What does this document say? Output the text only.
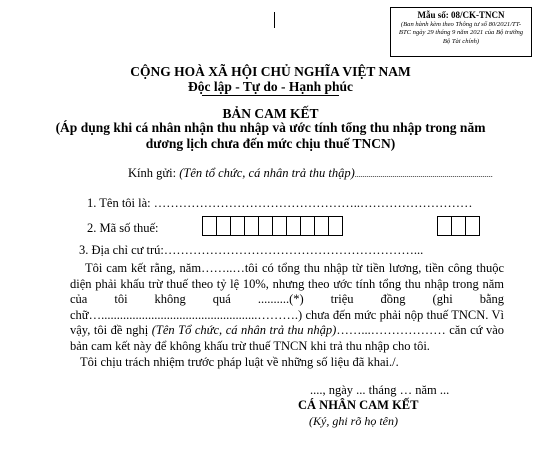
Mẫu số: 08/CK-TNCN
(Ban hành kèm theo Thông tư số 80/2021/TT-BTC ngày 29 tháng 9 năm 2021 của Bộ trưởng Bộ Tài chính)
CỘNG HOÀ XÃ HỘI CHỦ NGHĨA VIỆT NAM
Độc lập - Tự do - Hạnh phúc
BẢN CAM KẾT
(Áp dụng khi cá nhân nhận thu nhập và ước tính tổng thu nhập trong năm
dương lịch chưa đến mức chịu thuế TNCN)
Kính gửi: (Tên tổ chức, cá nhân trả thu thập).....................................................................
1. Tên tôi là: …………………………………………..………………………
2. Mã số thuế:
3. Địa chỉ cư trú:……………………………………………………...
Tôi cam kết rằng, năm……..…tôi có tổng thu nhập từ tiền lương, tiền công thuộc diện phải khấu trừ thuế theo tỷ lệ 10%, nhưng theo ước tính tổng thu nhập trong năm của tôi không quá ..........(*) triệu đồng (ghi bằng chữ…..................................................……….) chưa đến mức phải nộp thuế TNCN. Vì vậy, tôi đề nghị (Tên Tổ chức, cá nhân trả thu nhập)……...……………… căn cứ vào bản cam kết này để không khấu trừ thuế TNCN khi trả thu nhập cho tôi.
Tôi chịu trách nhiệm trước pháp luật về những số liệu đã khai./.
...., ngày ... tháng … năm ...
CÁ NHÂN CAM KẾT
(Ký, ghi rõ họ tên)
